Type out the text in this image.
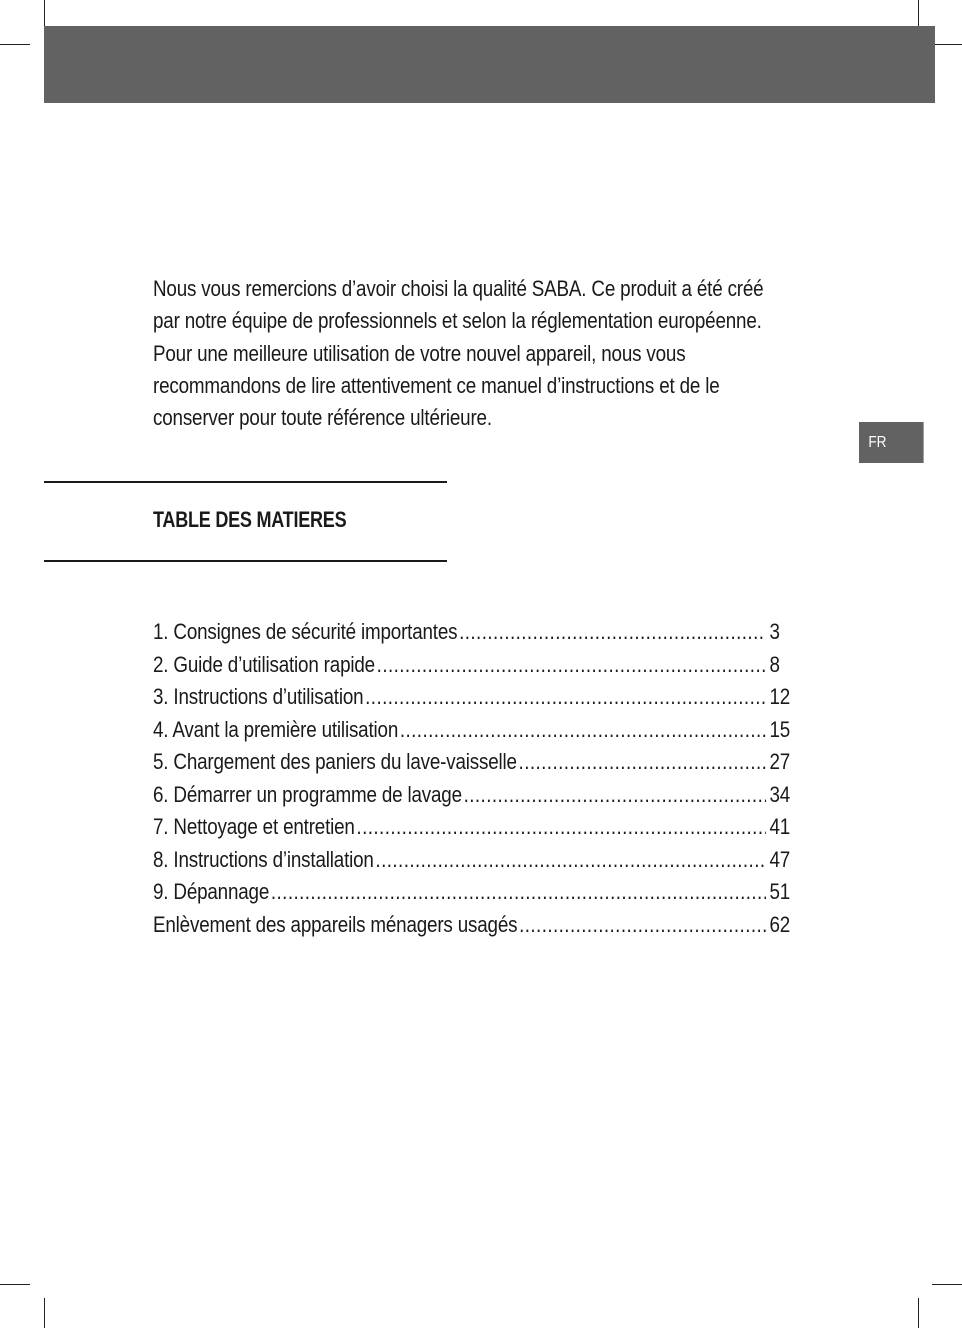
FR

Nous vous remercions d’avoir choisi la qualité SABA. Ce produit a été créé par notre équipe de professionnels et selon la réglementation européenne. Pour une meilleure utilisation de votre nouvel appareil, nous vous recommandons de lire attentivement ce manuel d’instructions et de le conserver pour toute référence ultérieure.

TABLE DES MATIERES
1. Consignes de sécurité importantes .....	3
2. Guide d’utilisation rapide .....	8
3. Instructions d’utilisation .....	12
4. Avant la première utilisation .....	15
5. Chargement des paniers du lave-vaisselle .....	27
6. Démarrer un programme de lavage .....	34
7. Nettoyage et entretien .....	41
8. Instructions d’installation .....	47
9. Dépannage .....	51
Enlèvement des appareils ménagers usagés .....	62
